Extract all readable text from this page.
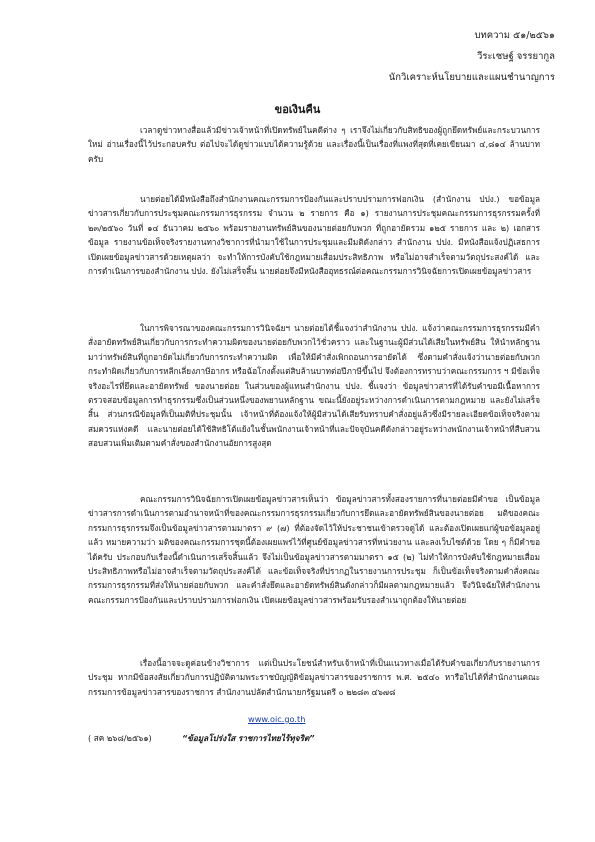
บทความ ๕๑/๒๕๖๑
วีระเชษฐ์ จรรยากูล
นักวิเคราะห์นโยบายและแผนชำนาญการ
ขอเงินคืน
เวลาดูข่าวทางสื่อแล้วมีข่าวเจ้าหน้าที่เปิดทรัพย์ในคดีต่าง ๆ เราจึงไม่เกี่ยวกับสิทธิของผู้ถูกยึดทรัพย์และกระบวนการใหม่ อ่านเรื่องนี้ไว้ประกอบครับ ต่อไปจะได้ดูข่าวแบบได้ความรู้ด้วย และเรื่องนี้เป็นเรื่องที่แพงที่สุดที่เคยเขียนมา ๔,๘๑๔ ล้านบาทครับ
นายต่อยได้มีหนังสือถึงสำนักงานคณะกรรมการป้องกันและปราบปรามการฟอกเงิน (สำนักงาน ปปง.) ขอข้อมูลข่าวสารเกี่ยวกับการประชุมคณะกรรมการธุรกรรม จำนวน ๒ รายการ คือ ๑) รายงานการประชุมคณะกรรมการธุรกรรมครั้งที่ ๒๓/๒๕๖๐ วันที่ ๑๔ ธันวาคม ๒๕๖๐ พร้อมรายงานทรัพย์สินของนายต่อยกับพวก ที่ถูกอายัดรวม ๑๒๕ รายการ และ ๒) เอกสารข้อมูล รายงานข้อเท็จจริงรายงานทางวิชาการที่นำมาใช้ในการประชุมและมีมติดังกล่าว สำนักงาน ปปง. มีหนังสือแจ้งปฏิเสธการเปิดเผยข้อมูลข่าวสารด้วยเหตุผลว่า จะทำให้การบังคับใช้กฎหมายเสื่อมประสิทธิภาพ หรือไม่อาจสำเร็จตามวัตถุประสงค์ได้ และการดำเนินการของสำนักงาน ปปง. ยังไม่เสร็จสิ้น นายต่อยจึงมีหนังสืออุทธรณ์ต่อคณะกรรมการวินิจฉัยการเปิดเผยข้อมูลข่าวสาร
ในการพิจารณาของคณะกรรมการวินิจฉัยฯ นายต่อยได้ชี้แจงว่าสำนักงาน ปปง. แจ้งว่าคณะกรรมการธุรกรรมมีคำสั่งอายัดทรัพย์สินเกี่ยวกับการกระทำความผิดของนายต่อยกับพวกไว้ชั่วคราว และในฐานะผู้มีส่วนได้เสียในทรัพย์สิน ให้นำหลักฐานมาว่าทรัพย์สินที่ถูกอายัดไม่เกี่ยวกับการกระทำความผิด เพื่อให้มีคำสั่งเพิกถอนการอายัดได้ ซึ่งตามคำสั่งแจ้งว่านายต่อยกับพวกกระทำผิดเกี่ยวกับการหลีกเลี่ยงภาษีอากร หรือฉ้อโกงตั้งแต่สิบล้านบาทต่อปีภาษีขึ้นไป จึงต้องการทราบว่าคณะกรรมการ ฯ มีข้อเท็จจริงอะไรที่ยึดและอายัดทรัพย์ ของนายต่อย ในส่วนของผู้แทนสำนักงาน ปปง. ชี้แจงว่า ข้อมูลข่าวสารที่ได้รับคำขอมีเนื้อหาการตรวจสอบข้อมูลการทำธุรกรรมซึ่งเป็นส่วนหนึ่งของพยานหลักฐาน ขณะนี้ยังอยู่ระหว่างการดำเนินการตามกฎหมาย และยังไม่เสร็จสิ้น ส่วนกรณีข้อมูลที่เป็นมติที่ประชุมนั้น เจ้าหน้าที่ต้องแจ้งให้ผู้มีส่วนได้เสียรับทราบคำสั่งอยู่แล้วซึ่งมีรายละเอียดข้อเท็จจริงตามสมควรแห่งคดี และนายต่อยได้ใช้สิทธิโต้แย้งในชั้นพนักงานเจ้าหน้าที่และปัจจุบันคดีดังกล่าวอยู่ระหว่างพนักงานเจ้าหน้าที่สืบสวนสอบสวนเพิ่มเติมตามคำสั่งของสำนักงานอัยการสูงสุด
คณะกรรมการวินิจฉัยการเปิดเผยข้อมูลข่าวสารเห็นว่า ข้อมูลข่าวสารทั้งสองรายการที่นายต่อยมีคำขอ เป็นข้อมูลข่าวสารการดำเนินการตามอำนาจหน้าที่ของคณะกรรมการธุรกรรมเกี่ยวกับการยึดและอายัดทรัพย์สินของนายต่อย มติของคณะกรรมการธุรกรรมจึงเป็นข้อมูลข่าวสารตามมาตรา ๙ (๗) ที่ต้องจัดไว้ให้ประชาชนเข้าตรวจดูได้ และต้องเปิดเผยแก่ผู้ขอข้อมูลอยู่แล้ว หมายความว่า มติของคณะกรรมการชุดนี้ต้องเผยแพร่ไว้ที่ศูนย์ข้อมูลข่าวสารที่หน่วยงาน และลงเว็บไซต์ด้วย โดย ๆ ก็มีคำขอได้ครับ ประกอบกับเรื่องนี้ดำเนินการเสร็จสิ้นแล้ว จึงไม่เป็นข้อมูลข่าวสารตามมาตรา ๑๕ (๒) ไม่ทำให้การบังคับใช้กฎหมายเสื่อมประสิทธิภาพหรือไม่อาจสำเร็จตามวัตถุประสงค์ได้ และข้อเท็จจริงที่ปรากฏในรายงานการประชุม ก็เป็นข้อเท็จจริงตามคำสั่งคณะกรรมการธุรกรรมที่ส่งให้นายต่อยกับพวก และคำสั่งยึดและอายัดทรัพย์สินดังกล่าวก็มีผลตามกฎหมายแล้ว จึงวินิจฉัยให้สำนักงานคณะกรรมการป้องกันและปราบปรามการฟอกเงิน เปิดเผยข้อมูลข่าวสารพร้อมรับรองสำเนาถูกต้องให้นายต่อย
เรื่องนี้อาจจะดูค่อนข้างวิชาการ แต่เป็นประโยชน์สำหรับเจ้าหน้าที่เป็นแนวทางเมื่อได้รับคำขอเกี่ยวกับรายงานการประชุม หากมีข้อสงสัยเกี่ยวกับการปฏิบัติตามพระราชบัญญัติข้อมูลข่าวสารของราชการ พ.ศ. ๒๕๔๐ หารือไปได้ที่สำนักงานคณะกรรมการข้อมูลข่าวสารของราชการ สำนักงานปลัดสำนักนายกรัฐมนตรี ๐ ๒๒๘๓ ๔๖๗๘
www.oic.go.th
( สค ๒๖๘/๒๕๖๑)	“ข้อมูลโปร่งใส ราชการไทยไร้ทุจริต”
